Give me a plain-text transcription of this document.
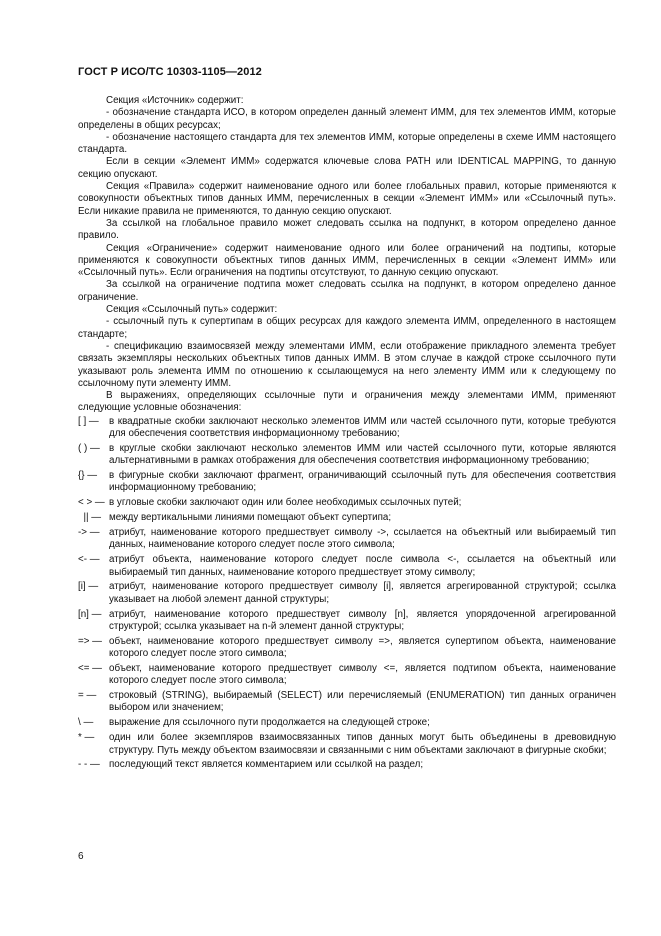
ГОСТ Р ИСО/ТС 10303-1105—2012

Секция «Источник» содержит:

- обозначение стандарта ИСО, в котором определен данный элемент ИММ, для тех элементов ИММ, которые определены в общих ресурсах;

- обозначение настоящего стандарта для тех элементов ИММ, которые определены в схеме ИММ настоящего стандарта.

Если в секции «Элемент ИММ» содержатся ключевые слова PATH или IDENTICAL MAPPING, то данную секцию опускают.

Секция «Правила» содержит наименование одного или более глобальных правил, которые применяются к совокупности объектных типов данных ИММ, перечисленных в секции «Элемент ИММ» или «Ссылочный путь». Если никакие правила не применяются, то данную секцию опускают.

За ссылкой на глобальное правило может следовать ссылка на подпункт, в котором определено данное правило.

Секция «Ограничение» содержит наименование одного или более ограничений на подтипы, которые применяются к совокупности объектных типов данных ИММ, перечисленных в секции «Элемент ИММ» или «Ссылочный путь». Если ограничения на подтипы отсутствуют, то данную секцию опускают.

За ссылкой на ограничение подтипа может следовать ссылка на подпункт, в котором определено данное ограничение.

Секция «Ссылочный путь» содержит:

- ссылочный путь к супертипам в общих ресурсах для каждого элемента ИММ, определенного в настоящем стандарте;

- спецификацию взаимосвязей между элементами ИММ, если отображение прикладного элемента требует связать экземпляры нескольких объектных типов данных ИММ. В этом случае в каждой строке ссылочного пути указывают роль элемента ИММ по отношению к ссылающемуся на него элементу ИММ или к следующему по ссылочному пути элементу ИММ.

В выражениях, определяющих ссылочные пути и ограничения между элементами ИММ, применяют следующие условные обозначения:

[ ] —	в квадратные скобки заключают несколько элементов ИММ или частей ссылочного пути, которые требуются для обеспечения соответствия информационному требованию;
( ) — в круглые скобки заключают несколько элементов ИММ или частей ссылочного пути, которые являются альтернативными в рамках отображения для обеспечения соответствия информационному требованию;
{} —	в фигурные скобки заключают фрагмент, ограничивающий ссылочный путь для обеспечения соответствия информационному требованию;
< > — в угловые скобки заключают один или более необходимых ссылочных путей;
|| — между вертикальными линиями помещают объект супертипа;
-> — атрибут, наименование которого предшествует символу ->, ссылается на объектный или выбираемый тип данных, наименование которого следует после этого символа;
<- — атрибут объекта, наименование которого следует после символа <-, ссылается на объектный или выбираемый тип данных, наименование которого предшествует этому символу;
[i] —	атрибут, наименование которого предшествует символу [i], является агрегированной структурой; ссылка указывает на любой элемент данной структуры;
[n] — атрибут, наименование которого предшествует символу [n], является упорядоченной агрегированной структурой; ссылка указывает на n-й элемент данной структуры;
=> — объект, наименование которого предшествует символу =>, является супертипом объекта, наименование которого следует после этого символа;
<= — объект, наименование которого предшествует символу <=, является подтипом объекта, наименование которого следует после этого символа;
= —	строковый (STRING), выбираемый (SELECT) или перечисляемый (ENUMERATION) тип данных ограничен выбором или значением;
\ —	выражение для ссылочного пути продолжается на следующей строке;
* —	один или более экземпляров взаимосвязанных типов данных могут быть объединены в древовидную структуру. Путь между объектом взаимосвязи и связанными с ним объектами заключают в фигурные скобки;
- - — последующий текст является комментарием или ссылкой на раздел;
6
